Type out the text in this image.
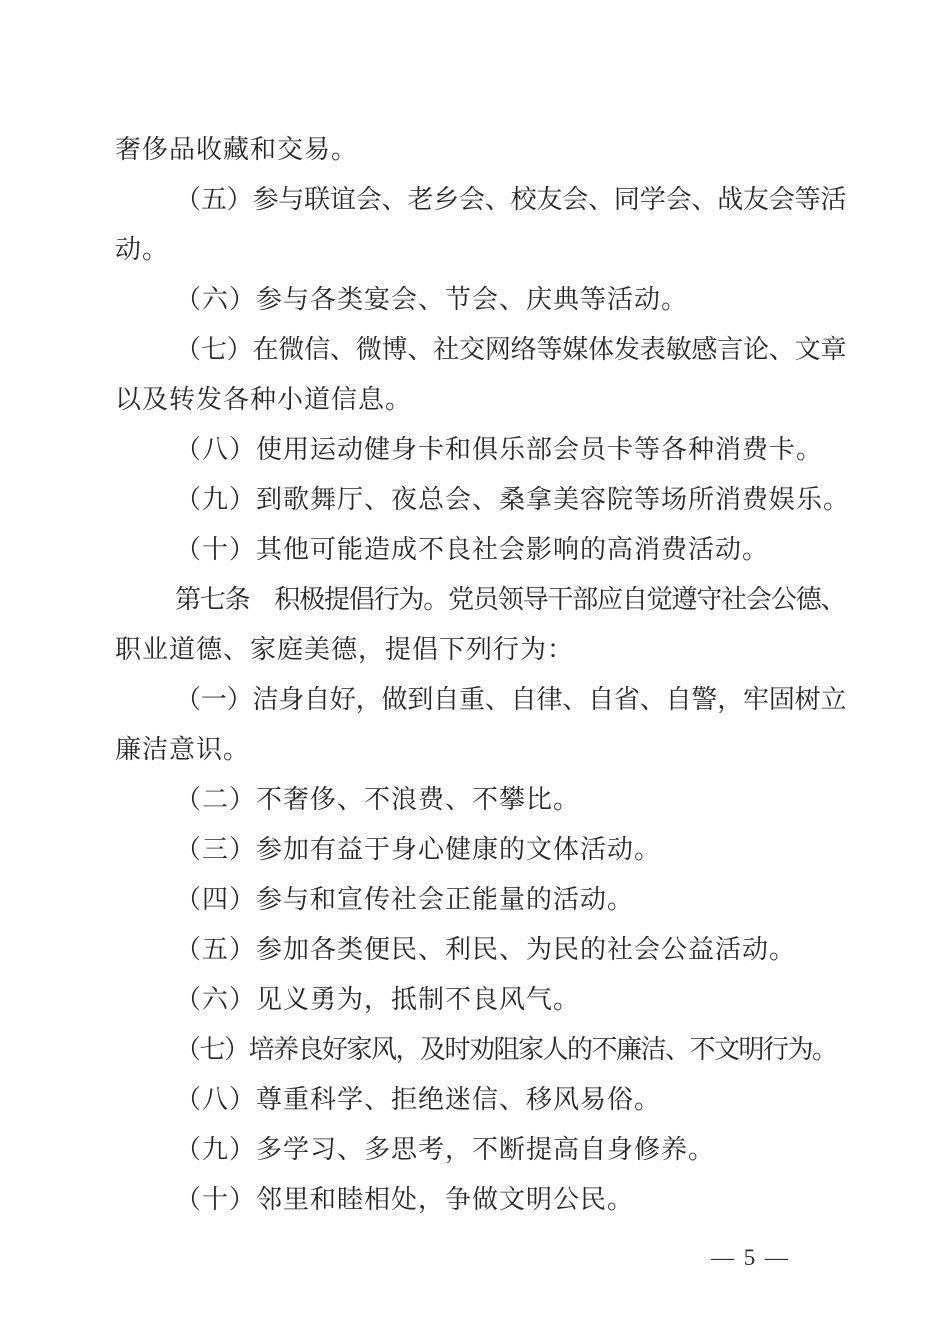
奢侈品收藏和交易。
（五）参与联谊会、老乡会、校友会、同学会、战友会等活
动。
（六）参与各类宴会、节会、庆典等活动。
（七）在微信、微博、社交网络等媒体发表敏感言论、文章
以及转发各种小道信息。
（八）使用运动健身卡和俱乐部会员卡等各种消费卡。
（九）到歌舞厅、夜总会、桑拿美容院等场所消费娱乐。
（十）其他可能造成不良社会影响的高消费活动。
第七条　积极提倡行为。党员领导干部应自觉遵守社会公德、
职业道德、家庭美德，提倡下列行为：
（一）洁身自好，做到自重、自律、自省、自警，牢固树立
廉洁意识。
（二）不奢侈、不浪费、不攀比。
（三）参加有益于身心健康的文体活动。
（四）参与和宣传社会正能量的活动。
（五）参加各类便民、利民、为民的社会公益活动。
（六）见义勇为，抵制不良风气。
（七）培养良好家风，及时劝阻家人的不廉洁、不文明行为。
（八）尊重科学、拒绝迷信、移风易俗。
（九）多学习、多思考，不断提高自身修养。
（十）邻里和睦相处，争做文明公民。
— 5 —
